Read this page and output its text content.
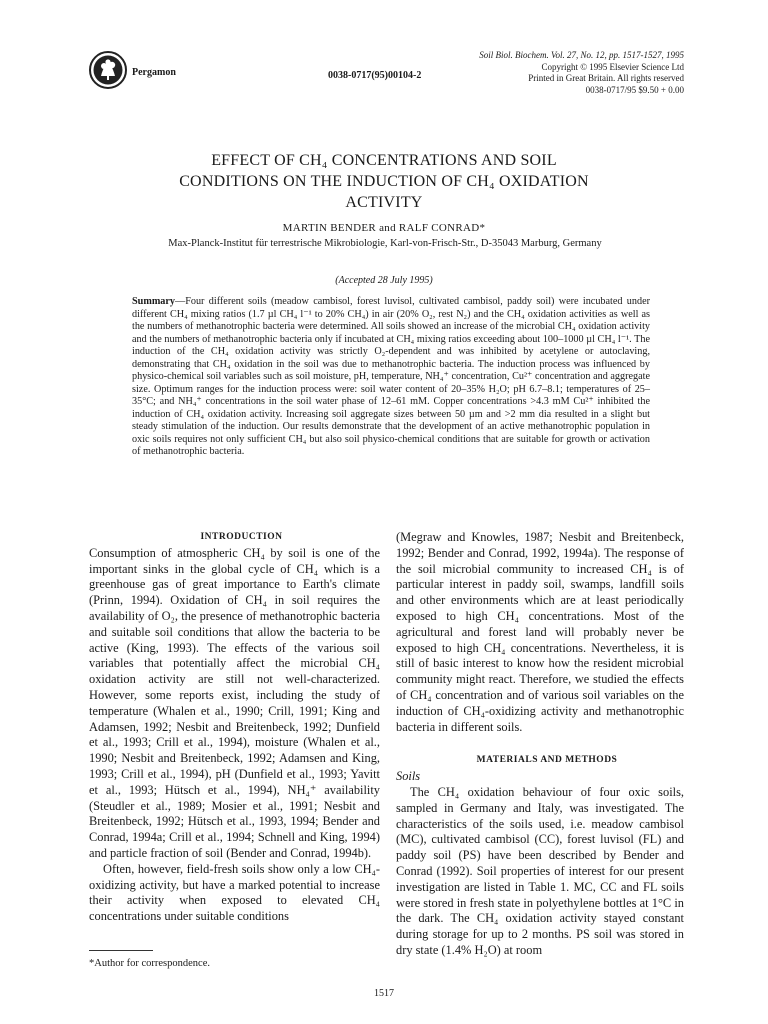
Pergamon	0038-0717(95)00104-2
Soil Biol. Biochem. Vol. 27, No. 12, pp. 1517-1527, 1995
Copyright © 1995 Elsevier Science Ltd
Printed in Great Britain. All rights reserved
0038-0717/95 $9.50 + 0.00
EFFECT OF CH₄ CONCENTRATIONS AND SOIL
CONDITIONS ON THE INDUCTION OF CH₄ OXIDATION
ACTIVITY
MARTIN BENDER and RALF CONRAD*
Max-Planck-Institut für terrestrische Mikrobiologie, Karl-von-Frisch-Str., D-35043 Marburg, Germany
(Accepted 28 July 1995)
Summary—Four different soils (meadow cambisol, forest luvisol, cultivated cambisol, paddy soil) were incubated under different CH₄ mixing ratios (1.7 µl CH₄ l⁻¹ to 20% CH₄) in air (20% O₂, rest N₂) and the CH₄ oxidation activities as well as the numbers of methanotrophic bacteria were determined. All soils showed an increase of the microbial CH₄ oxidation activity and the numbers of methanotrophic bacteria only if incubated at CH₄ mixing ratios exceeding about 100–1000 µl CH₄ l⁻¹. The induction of the CH₄ oxidation activity was strictly O₂-dependent and was inhibited by acetylene or autoclaving, demonstrating that CH₄ oxidation in the soil was due to methanotrophic bacteria. The induction process was influenced by physico-chemical soil variables such as soil moisture, pH, temperature, NH₄⁺ concentration, Cu²⁺ concentration and aggregate size. Optimum ranges for the induction process were: soil water content of 20–35% H₂O; pH 6.7–8.1; temperatures of 25–35°C; and NH₄⁺ concentrations in the soil water phase of 12–61 mM. Copper concentrations >4.3 mM Cu²⁺ inhibited the induction of CH₄ oxidation activity. Increasing soil aggregate sizes between 50 µm and >2 mm dia resulted in a slight but steady stimulation of the induction. Our results demonstrate that the development of an active methanotrophic population in oxic soils requires not only sufficient CH₄ but also soil physico-chemical conditions that are suitable for growth or activation of methanotrophic bacteria.

INTRODUCTION

Consumption of atmospheric CH₄ by soil is one of the important sinks in the global cycle of CH₄ which is a greenhouse gas of great importance to Earth's climate (Prinn, 1994). Oxidation of CH₄ in soil requires the availability of O₂, the presence of methanotrophic bacteria and suitable soil conditions that allow the bacteria to be active (King, 1993). The effects of the various soil variables that potentially affect the microbial CH₄ oxidation activity are still not well-characterized. However, some reports exist, including the study of temperature (Whalen et al., 1990; Crill, 1991; King and Adamsen, 1992; Nesbit and Breitenbeck, 1992; Dunfield et al., 1993; Crill et al., 1994), moisture (Whalen et al., 1990; Nesbit and Breitenbeck, 1992; Adamsen and King, 1993; Crill et al., 1994), pH (Dunfield et al., 1993; Yavitt et al., 1993; Hütsch et al., 1994), NH₄⁺ availability (Steudler et al., 1989; Mosier et al., 1991; Nesbit and Breitenbeck, 1992; Hütsch et al., 1993, 1994; Bender and Conrad, 1994a; Crill et al., 1994; Schnell and King, 1994) and particle fraction of soil (Bender and Conrad, 1994b).

Often, however, field-fresh soils show only a low CH₄-oxidizing activity, but have a marked potential to increase their activity when exposed to elevated CH₄ concentrations under suitable conditions

(Megraw and Knowles, 1987; Nesbit and Breitenbeck, 1992; Bender and Conrad, 1992, 1994a). The response of the soil microbial community to increased CH₄ is of particular interest in paddy soil, swamps, landfill soils and other environments which are at least periodically exposed to high CH₄ concentrations. Most of the agricultural and forest land will probably never be exposed to high CH₄ concentrations. Nevertheless, it is still of basic interest to know how the resident microbial community might react. Therefore, we studied the effects of CH₄ concentration and of various soil variables on the induction of CH₄-oxidizing activity and methanotrophic bacteria in different soils.

MATERIALS AND METHODS

Soils

The CH₄ oxidation behaviour of four oxic soils, sampled in Germany and Italy, was investigated. The characteristics of the soils used, i.e. meadow cambisol (MC), cultivated cambisol (CC), forest luvisol (FL) and paddy soil (PS) have been described by Bender and Conrad (1992). Soil properties of interest for our present investigation are listed in Table 1. MC, CC and FL soils were stored in fresh state in polyethylene bottles at 1°C in the dark. The CH₄ oxidation activity stayed constant during storage for up to 2 months. PS soil was stored in dry state (1.4% H₂O) at room

*Author for correspondence.
1517
